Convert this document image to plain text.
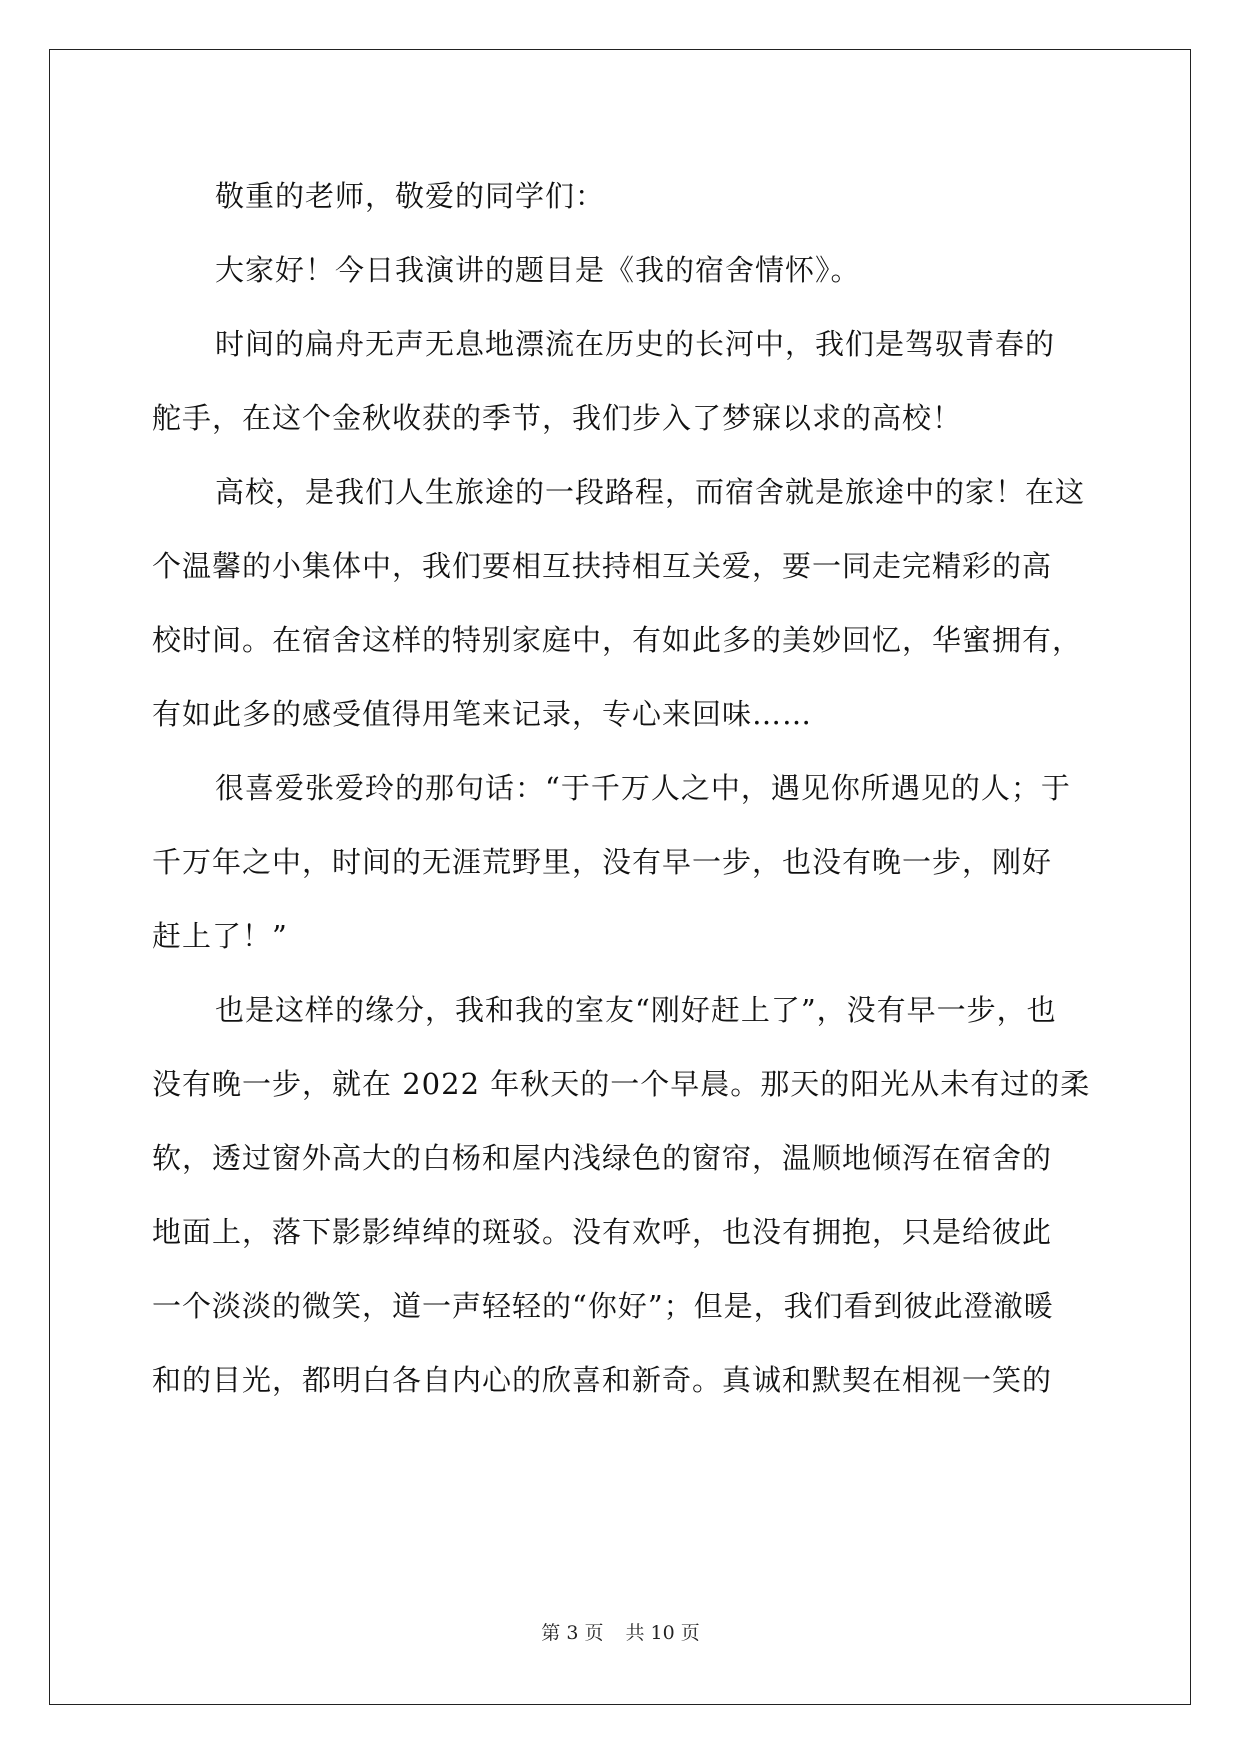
敬重的老师，敬爱的同学们：
大家好！今日我演讲的题目是《我的宿舍情怀》。
时间的扁舟无声无息地漂流在历史的长河中，我们是驾驭青春的
舵手，在这个金秋收获的季节，我们步入了梦寐以求的高校！
高校，是我们人生旅途的一段路程，而宿舍就是旅途中的家！在这
个温馨的小集体中，我们要相互扶持相互关爱，要一同走完精彩的高
校时间。在宿舍这样的特别家庭中，有如此多的美妙回忆，华蜜拥有，
有如此多的感受值得用笔来记录，专心来回味……
很喜爱张爱玲的那句话：“于千万人之中，遇见你所遇见的人；于
千万年之中，时间的无涯荒野里，没有早一步，也没有晚一步，刚好
赶上了！”
也是这样的缘分，我和我的室友“刚好赶上了”，没有早一步，也
没有晚一步，就在 2022 年秋天的一个早晨。那天的阳光从未有过的柔
软，透过窗外高大的白杨和屋内浅绿色的窗帘，温顺地倾泻在宿舍的
地面上，落下影影绰绰的斑驳。没有欢呼，也没有拥抱，只是给彼此
一个淡淡的微笑，道一声轻轻的“你好”；但是，我们看到彼此澄澈暖
和的目光，都明白各自内心的欣喜和新奇。真诚和默契在相视一笑的
第 3 页 共 10 页
